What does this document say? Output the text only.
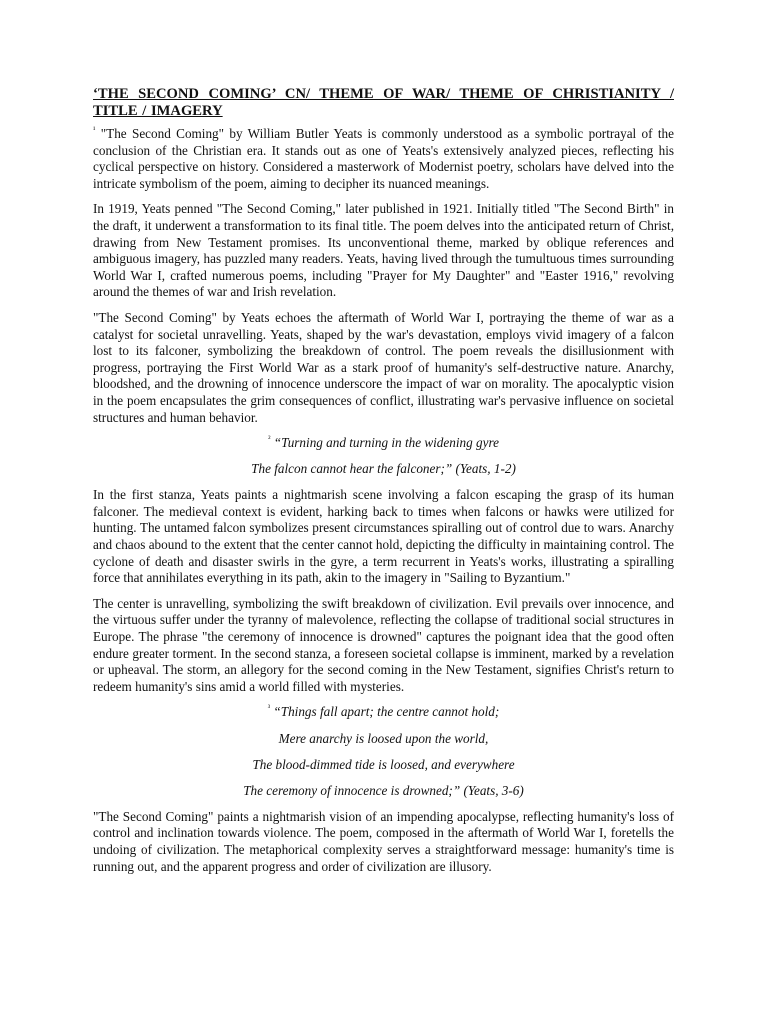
‘THE SECOND COMING’ CN/ THEME OF WAR/ THEME OF CHRISTIANITY / TITLE / IMAGERY

$^{^1}$ "The Second Coming" by William Butler Yeats is commonly understood as a symbolic portrayal of the conclusion of the Christian era. It stands out as one of Yeats's extensively analyzed pieces, reflecting his cyclical perspective on history. Considered a masterwork of Modernist poetry, scholars have delved into the intricate symbolism of the poem, aiming to decipher its nuanced meanings.

In 1919, Yeats penned "The Second Coming," later published in 1921. Initially titled "The Second Birth" in the draft, it underwent a transformation to its final title. The poem delves into the anticipated return of Christ, drawing from New Testament promises. Its unconventional theme, marked by oblique references and ambiguous imagery, has puzzled many readers. Yeats, having lived through the tumultuous times surrounding World War I, crafted numerous poems, including "Prayer for My Daughter" and "Easter 1916," revolving around the themes of war and Irish revelation.

"The Second Coming" by Yeats echoes the aftermath of World War I, portraying the theme of war as a catalyst for societal unravelling. Yeats, shaped by the war's devastation, employs vivid imagery of a falcon lost to its falconer, symbolizing the breakdown of control. The poem reveals the disillusionment with progress, portraying the First World War as a stark proof of humanity's self-destructive nature. Anarchy, bloodshed, and the drowning of innocence underscore the impact of war on morality. The apocalyptic vision in the poem encapsulates the grim consequences of conflict, illustrating war's pervasive influence on societal structures and human behavior.

$^{^2}$ “Turning and turning in the widening gyre

The falcon cannot hear the falconer;” (Yeats, 1-2)

In the first stanza, Yeats paints a nightmarish scene involving a falcon escaping the grasp of its human falconer. The medieval context is evident, harking back to times when falcons or hawks were utilized for hunting. The untamed falcon symbolizes present circumstances spiralling out of control due to wars. Anarchy and chaos abound to the extent that the center cannot hold, depicting the difficulty in maintaining control. The cyclone of death and disaster swirls in the gyre, a term recurrent in Yeats's works, illustrating a spiralling force that annihilates everything in its path, akin to the imagery in "Sailing to Byzantium."

The center is unravelling, symbolizing the swift breakdown of civilization. Evil prevails over innocence, and the virtuous suffer under the tyranny of malevolence, reflecting the collapse of traditional social structures in Europe. The phrase "the ceremony of innocence is drowned" captures the poignant idea that the good often endure greater torment. In the second stanza, a foreseen societal collapse is imminent, marked by a revelation or upheaval. The storm, an allegory for the second coming in the New Testament, signifies Christ's return to redeem humanity's sins amid a world filled with mysteries.

$^{^3}$ “Things fall apart; the centre cannot hold;

Mere anarchy is loosed upon the world,

The blood-dimmed tide is loosed, and everywhere

The ceremony of innocence is drowned;” (Yeats, 3-6)

"The Second Coming" paints a nightmarish vision of an impending apocalypse, reflecting humanity's loss of control and inclination towards violence. The poem, composed in the aftermath of World War I, foretells the undoing of civilization. The metaphorical complexity serves a straightforward message: humanity's time is running out, and the apparent progress and order of civilization are illusory.
